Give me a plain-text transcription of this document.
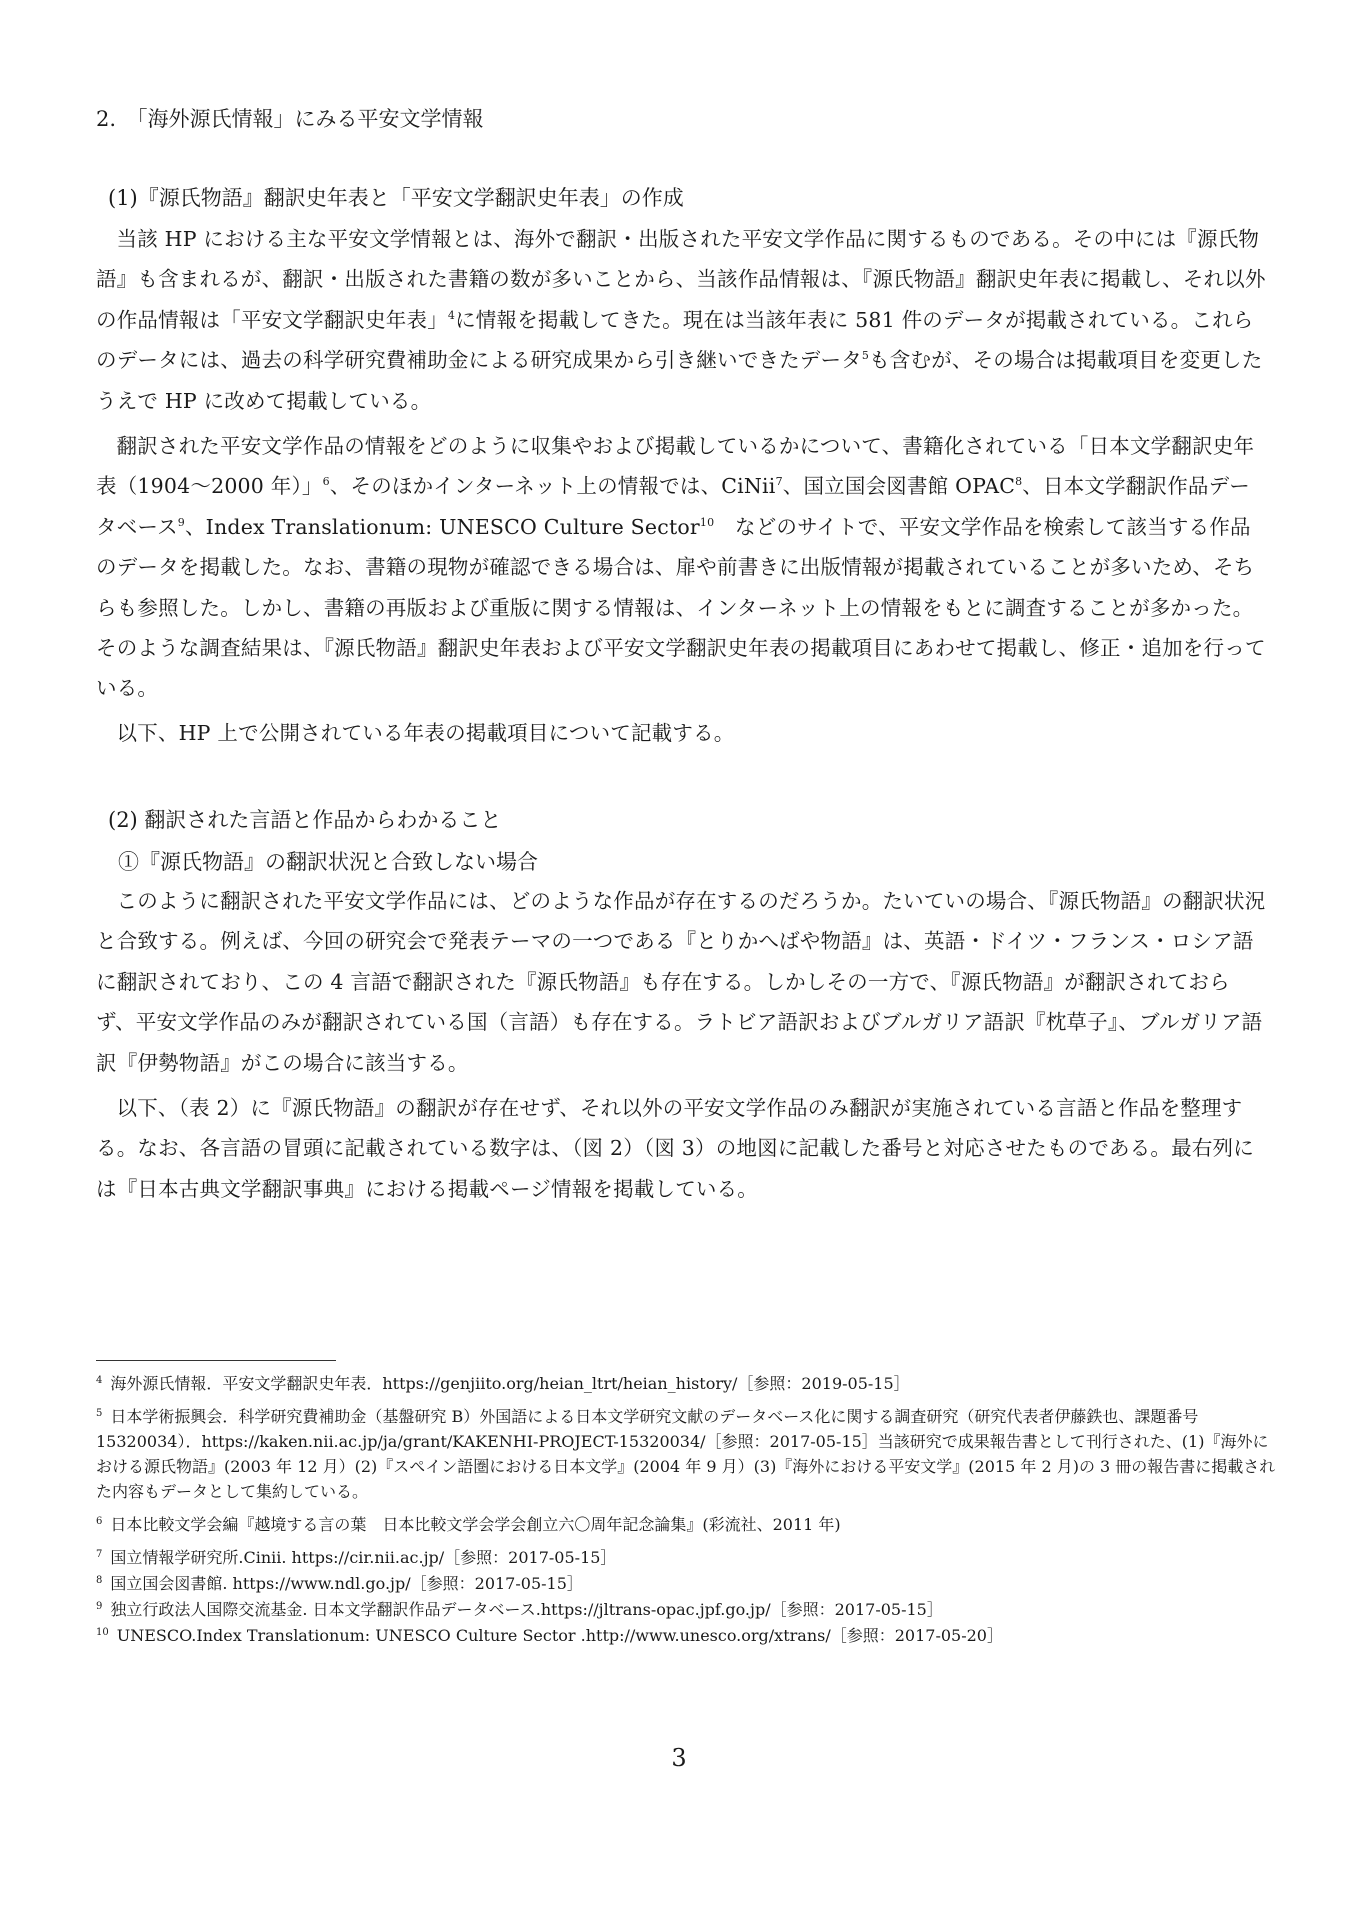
2.　「海外源氏情報」にみる平安文学情報
(1)『源氏物語』翻訳史年表と「平安文学翻訳史年表」の作成

当該 HP における主な平安文学情報とは、海外で翻訳・出版された平安文学作品に関するものである。その中には『源氏物語』も含まれるが、翻訳・出版された書籍の数が多いことから、当該作品情報は、『源氏物語』翻訳史年表に掲載し、それ以外の作品情報は「平安文学翻訳史年表」$^4$に情報を掲載してきた。現在は当該年表に 581 件のデータが掲載されている。これらのデータには、過去の科学研究費補助金による研究成果から引き継いできたデータ$^5$も含むが、その場合は掲載項目を変更したうえで HP に改めて掲載している。

翻訳された平安文学作品の情報をどのように収集やおよび掲載しているかについて、書籍化されている「日本文学翻訳史年表（1904～2000 年）」$^6$、そのほかインターネット上の情報では、CiNii$^7$、国立国会図書館 OPAC$^8$、日本文学翻訳作品データベース$^9$、Index Translationum: UNESCO Culture Sector$^{10}$　などのサイトで、平安文学作品を検索して該当する作品のデータを掲載した。なお、書籍の現物が確認できる場合は、扉や前書きに出版情報が掲載されていることが多いため、そちらも参照した。しかし、書籍の再版および重版に関する情報は、インターネット上の情報をもとに調査することが多かった。そのような調査結果は、『源氏物語』翻訳史年表および平安文学翻訳史年表の掲載項目にあわせて掲載し、修正・追加を行っている。

以下、HP 上で公開されている年表の掲載項目について記載する。

(2) 翻訳された言語と作品からわかること
①『源氏物語』の翻訳状況と合致しない場合

このように翻訳された平安文学作品には、どのような作品が存在するのだろうか。たいていの場合、『源氏物語』の翻訳状況と合致する。例えば、今回の研究会で発表テーマの一つである『とりかへばや物語』は、英語・ドイツ・フランス・ロシア語に翻訳されており、この 4 言語で翻訳された『源氏物語』も存在する。しかしその一方で、『源氏物語』が翻訳されておらず、平安文学作品のみが翻訳されている国（言語）も存在する。ラトビア語訳およびブルガリア語訳『枕草子』、ブルガリア語訳『伊勢物語』がこの場合に該当する。

以下、（表 2）に『源氏物語』の翻訳が存在せず、それ以外の平安文学作品のみ翻訳が実施されている言語と作品を整理する。なお、各言語の冒頭に記載されている数字は、（図 2）（図 3）の地図に記載した番号と対応させたものである。最右列には『日本古典文学翻訳事典』における掲載ページ情報を掲載している。

$^4$ 海外源氏情報．平安文学翻訳史年表．https://genjiito.org/heian_ltrt/heian_history/［参照：2019-05-15］
$^5$ 日本学術振興会．科学研究費補助金（基盤研究 B）外国語による日本文学研究文献のデータベース化に関する調査研究（研究代表者伊藤鉄也、課題番号 15320034）．https://kaken.nii.ac.jp/ja/grant/KAKENHI-PROJECT-15320034/［参照：2017-05-15］当該研究で成果報告書として刊行された、(1)『海外における源氏物語』(2003 年 12 月）(2)『スペイン語圏における日本文学』(2004 年 9 月）(3)『海外における平安文学』(2015 年 2 月)の 3 冊の報告書に掲載された内容もデータとして集約している。
$^6$ 日本比較文学会編『越境する言の葉　日本比較文学会学会創立六〇周年記念論集』(彩流社、2011 年)
$^7$ 国立情報学研究所.Cinii. https://cir.nii.ac.jp/［参照：2017-05-15］
$^8$ 国立国会図書館. https://www.ndl.go.jp/［参照：2017-05-15］
$^9$ 独立行政法人国際交流基金. 日本文学翻訳作品データベース.https://jltrans-opac.jpf.go.jp/［参照：2017-05-15］
$^{10}$ UNESCO.Index Translationum: UNESCO Culture Sector .http://www.unesco.org/xtrans/［参照：2017-05-20］

3
